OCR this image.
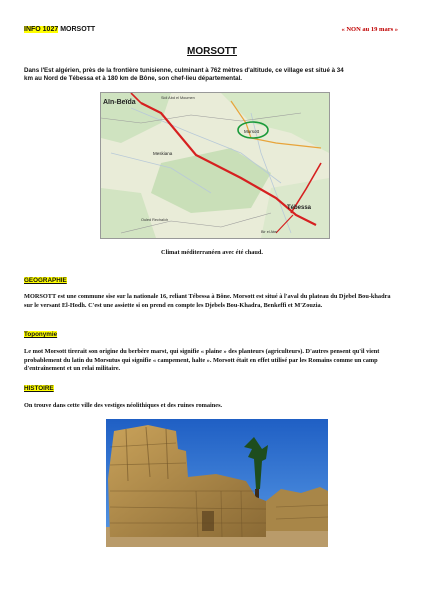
INFO 1027 MORSOTT	« NON au 19 mars »
MORSOTT
Dans l'Est algérien, près de la frontière tunisienne, culminant à 762 mètres d'altitude, ce village est situé à 34 km au Nord de Tébessa et à 180 km de Bône, son chef-lieu départemental.
Aïn-Beïda
Morsott
Meskiana
Tébessa
Sidi Abd el Moumen
Ouled Rechaïch
Bir el Ater
Climat méditerranéen avec été chaud.
GEOGRAPHIE
MORSOTT est une commune sise sur la nationale 16, reliant Tébessa à Bône. Morsott est situé à l'aval du plateau du Djebel Bou-khadra sur le versant El-Hodh. C'est une assiette si on prend en compte les Djebels Bou-Khadra, Benkeffi et M'Zouzia.
Toponymie
Le mot Morsott tirerait son origine du berbère marst, qui signifie « plaine » des planteurs (agriculteurs). D'autres pensent qu'il vient probablement du latin du Morsutus qui signifie « campement, halte ». Morsott était en effet utilisé par les Romains comme un camp d'entraînement et un relai militaire.
HISTOIRE
On trouve dans cette ville des vestiges néolithiques et des ruines romaines.
